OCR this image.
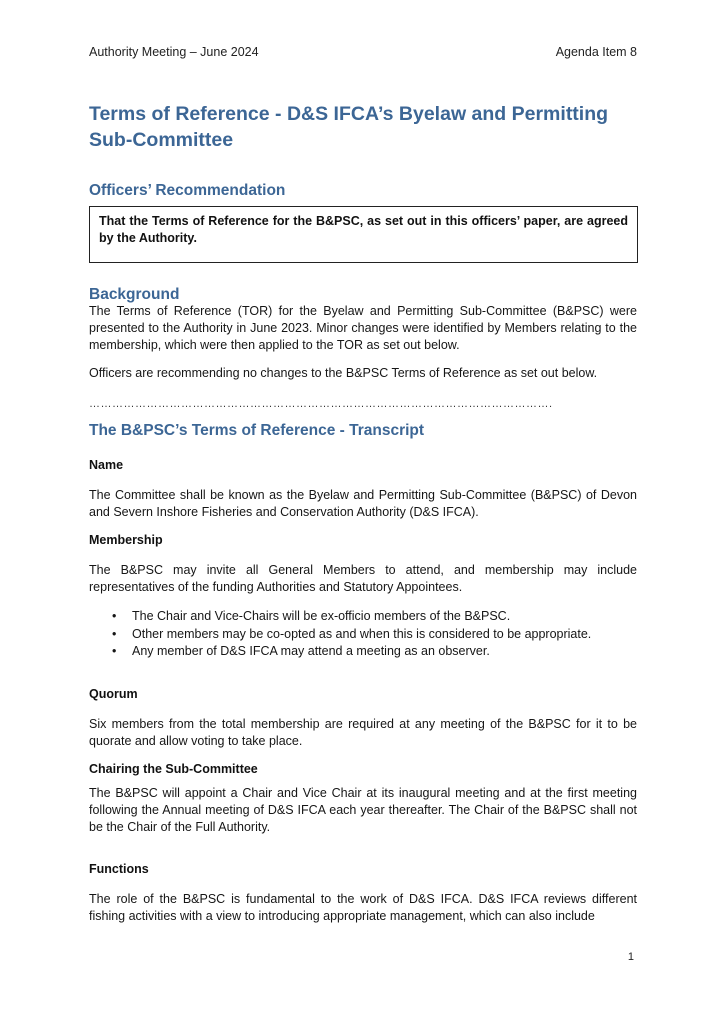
Authority Meeting – June 2024	Agenda Item 8
Terms of Reference - D&S IFCA’s Byelaw and Permitting Sub-Committee
Officers’ Recommendation
That the Terms of Reference for the B&PSC, as set out in this officers’ paper, are agreed by the Authority.
Background

The Terms of Reference (TOR) for the Byelaw and Permitting Sub-Committee (B&PSC) were presented to the Authority in June 2023. Minor changes were identified by Members relating to the membership, which were then applied to the TOR as set out below.

Officers are recommending no changes to the B&PSC Terms of Reference as set out below.

………………………………………………………………………………………………………….
The B&PSC’s Terms of Reference - Transcript

Name

The Committee shall be known as the Byelaw and Permitting Sub-Committee (B&PSC) of Devon and Severn Inshore Fisheries and Conservation Authority (D&S IFCA).

Membership

The B&PSC may invite all General Members to attend, and membership may include representatives of the funding Authorities and Statutory Appointees.

• The Chair and Vice-Chairs will be ex-officio members of the B&PSC.
• Other members may be co-opted as and when this is considered to be appropriate.
• Any member of D&S IFCA may attend a meeting as an observer.

Quorum

Six members from the total membership are required at any meeting of the B&PSC for it to be quorate and allow voting to take place.

Chairing the Sub-Committee

The B&PSC will appoint a Chair and Vice Chair at its inaugural meeting and at the first meeting following the Annual meeting of D&S IFCA each year thereafter. The Chair of the B&PSC shall not be the Chair of the Full Authority.

Functions

The role of the B&PSC is fundamental to the work of D&S IFCA. D&S IFCA reviews different fishing activities with a view to introducing appropriate management, which can also include

1
